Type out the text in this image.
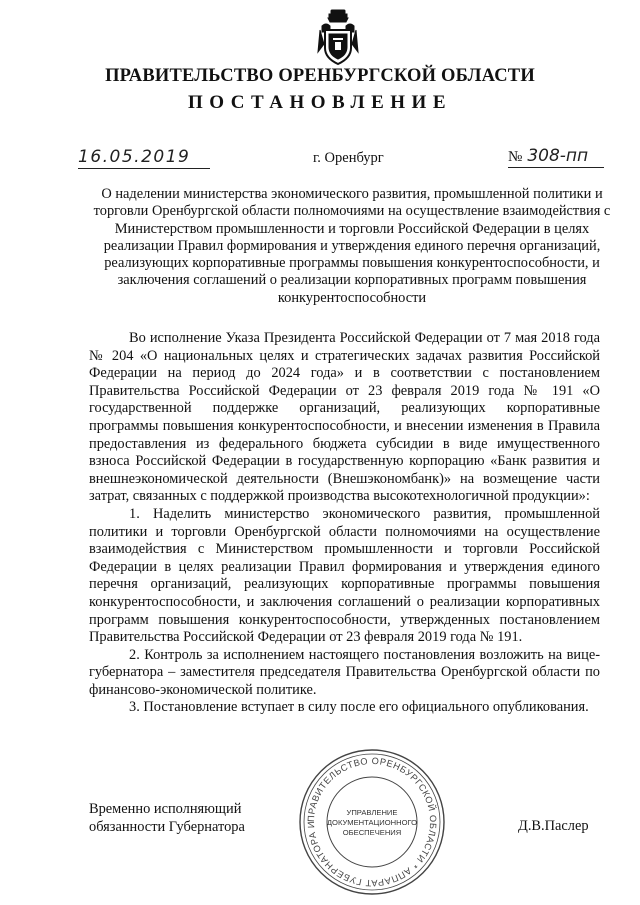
ПРАВИТЕЛЬСТВО ОРЕНБУРГСКОЙ ОБЛАСТИ
ПОСТАНОВЛЕНИЕ
16.05.2019	г. Оренбург	№ 308-пп
О наделении министерства экономического развития, промышленной политики и торговли Оренбургской области полномочиями на осуществление взаимодействия с Министерством промышленности и торговли Российской Федерации в целях реализации Правил формирования и утверждения единого перечня организаций, реализующих корпоративные программы повышения конкурентоспособности, и заключения соглашений о реализации корпоративных программ повышения конкурентоспособности

Во исполнение Указа Президента Российской Федерации от 7 мая 2018 года № 204 «О национальных целях и стратегических задачах развития Российской Федерации на период до 2024 года» и в соответствии с постановлением Правительства Российской Федерации от 23 февраля 2019 года № 191 «О государственной поддержке организаций, реализующих корпоративные программы повышения конкурентоспособности, и внесении изменения в Правила предоставления из федерального бюджета субсидии в виде имущественного взноса Российской Федерации в государственную корпорацию «Банк развития и внешнеэкономической деятельности (Внешэкономбанк)» на возмещение части затрат, связанных с поддержкой производства высокотехнологичной продукции»:

1. Наделить министерство экономического развития, промышленной политики и торговли Оренбургской области полномочиями на осуществление взаимодействия с Министерством промышленности и торговли Российской Федерации в целях реализации Правил формирования и утверждения единого перечня организаций, реализующих корпоративные программы повышения конкурентоспособности, и заключения соглашений о реализации корпоративных программ повышения конкурентоспособности, утвержденных постановлением Правительства Российской Федерации от 23 февраля 2019 года № 191.

2. Контроль за исполнением настоящего постановления возложить на вице-губернатора – заместителя председателя Правительства Оренбургской области по финансово-экономической политике.

3. Постановление вступает в силу после его официального опубликования.

Временно исполняющий
обязанности Губернатора	Д.В.Паслер
ПРАВИТЕЛЬСТВО ОРЕНБУРГСКОЙ ОБЛАСТИ * АППАРАТ ГУБЕРНАТОРА И
УПРАВЛЕНИЕ
ДОКУМЕНТАЦИОННОГО
ОБЕСПЕЧЕНИЯ
